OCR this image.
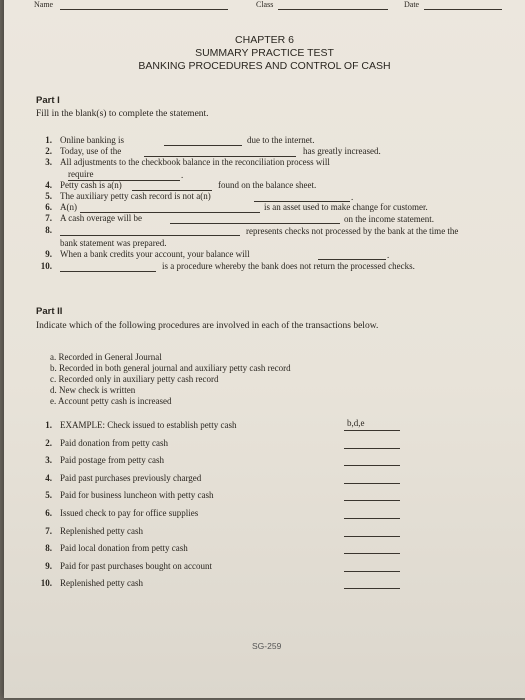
Name	Class	Date
CHAPTER 6
SUMMARY PRACTICE TEST
BANKING PROCEDURES AND CONTROL OF CASH
Part I
Fill in the blank(s) to complete the statement.
1. Online banking is	due to the internet.
2. Today, use of the	has greatly increased.
3. All adjustments to the checkbook balance in the reconciliation process will
require	.
4. Petty cash is a(n)	found on the balance sheet.
5. The auxiliary petty cash record is not a(n)	.
6. A(n)	is an asset used to make change for customer.
7. A cash overage will be	on the income statement.
8.	represents checks not processed by the bank at the time the
bank statement was prepared.
9. When a bank credits your account, your balance will	.
10.	is a procedure whereby the bank does not return the processed checks.
Part II
Indicate which of the following procedures are involved in each of the transactions below.
a. Recorded in General Journal
b. Recorded in both general journal and auxiliary petty cash record
c. Recorded only in auxiliary petty cash record
d. New check is written
e. Account petty cash is increased
1. EXAMPLE: Check issued to establish petty cash	b,d,e
2. Paid donation from petty cash
3. Paid postage from petty cash
4. Paid past purchases previously charged
5. Paid for business luncheon with petty cash
6. Issued check to pay for office supplies
7. Replenished petty cash
8. Paid local donation from petty cash
9. Paid for past purchases bought on account
10. Replenished petty cash
SG-259
